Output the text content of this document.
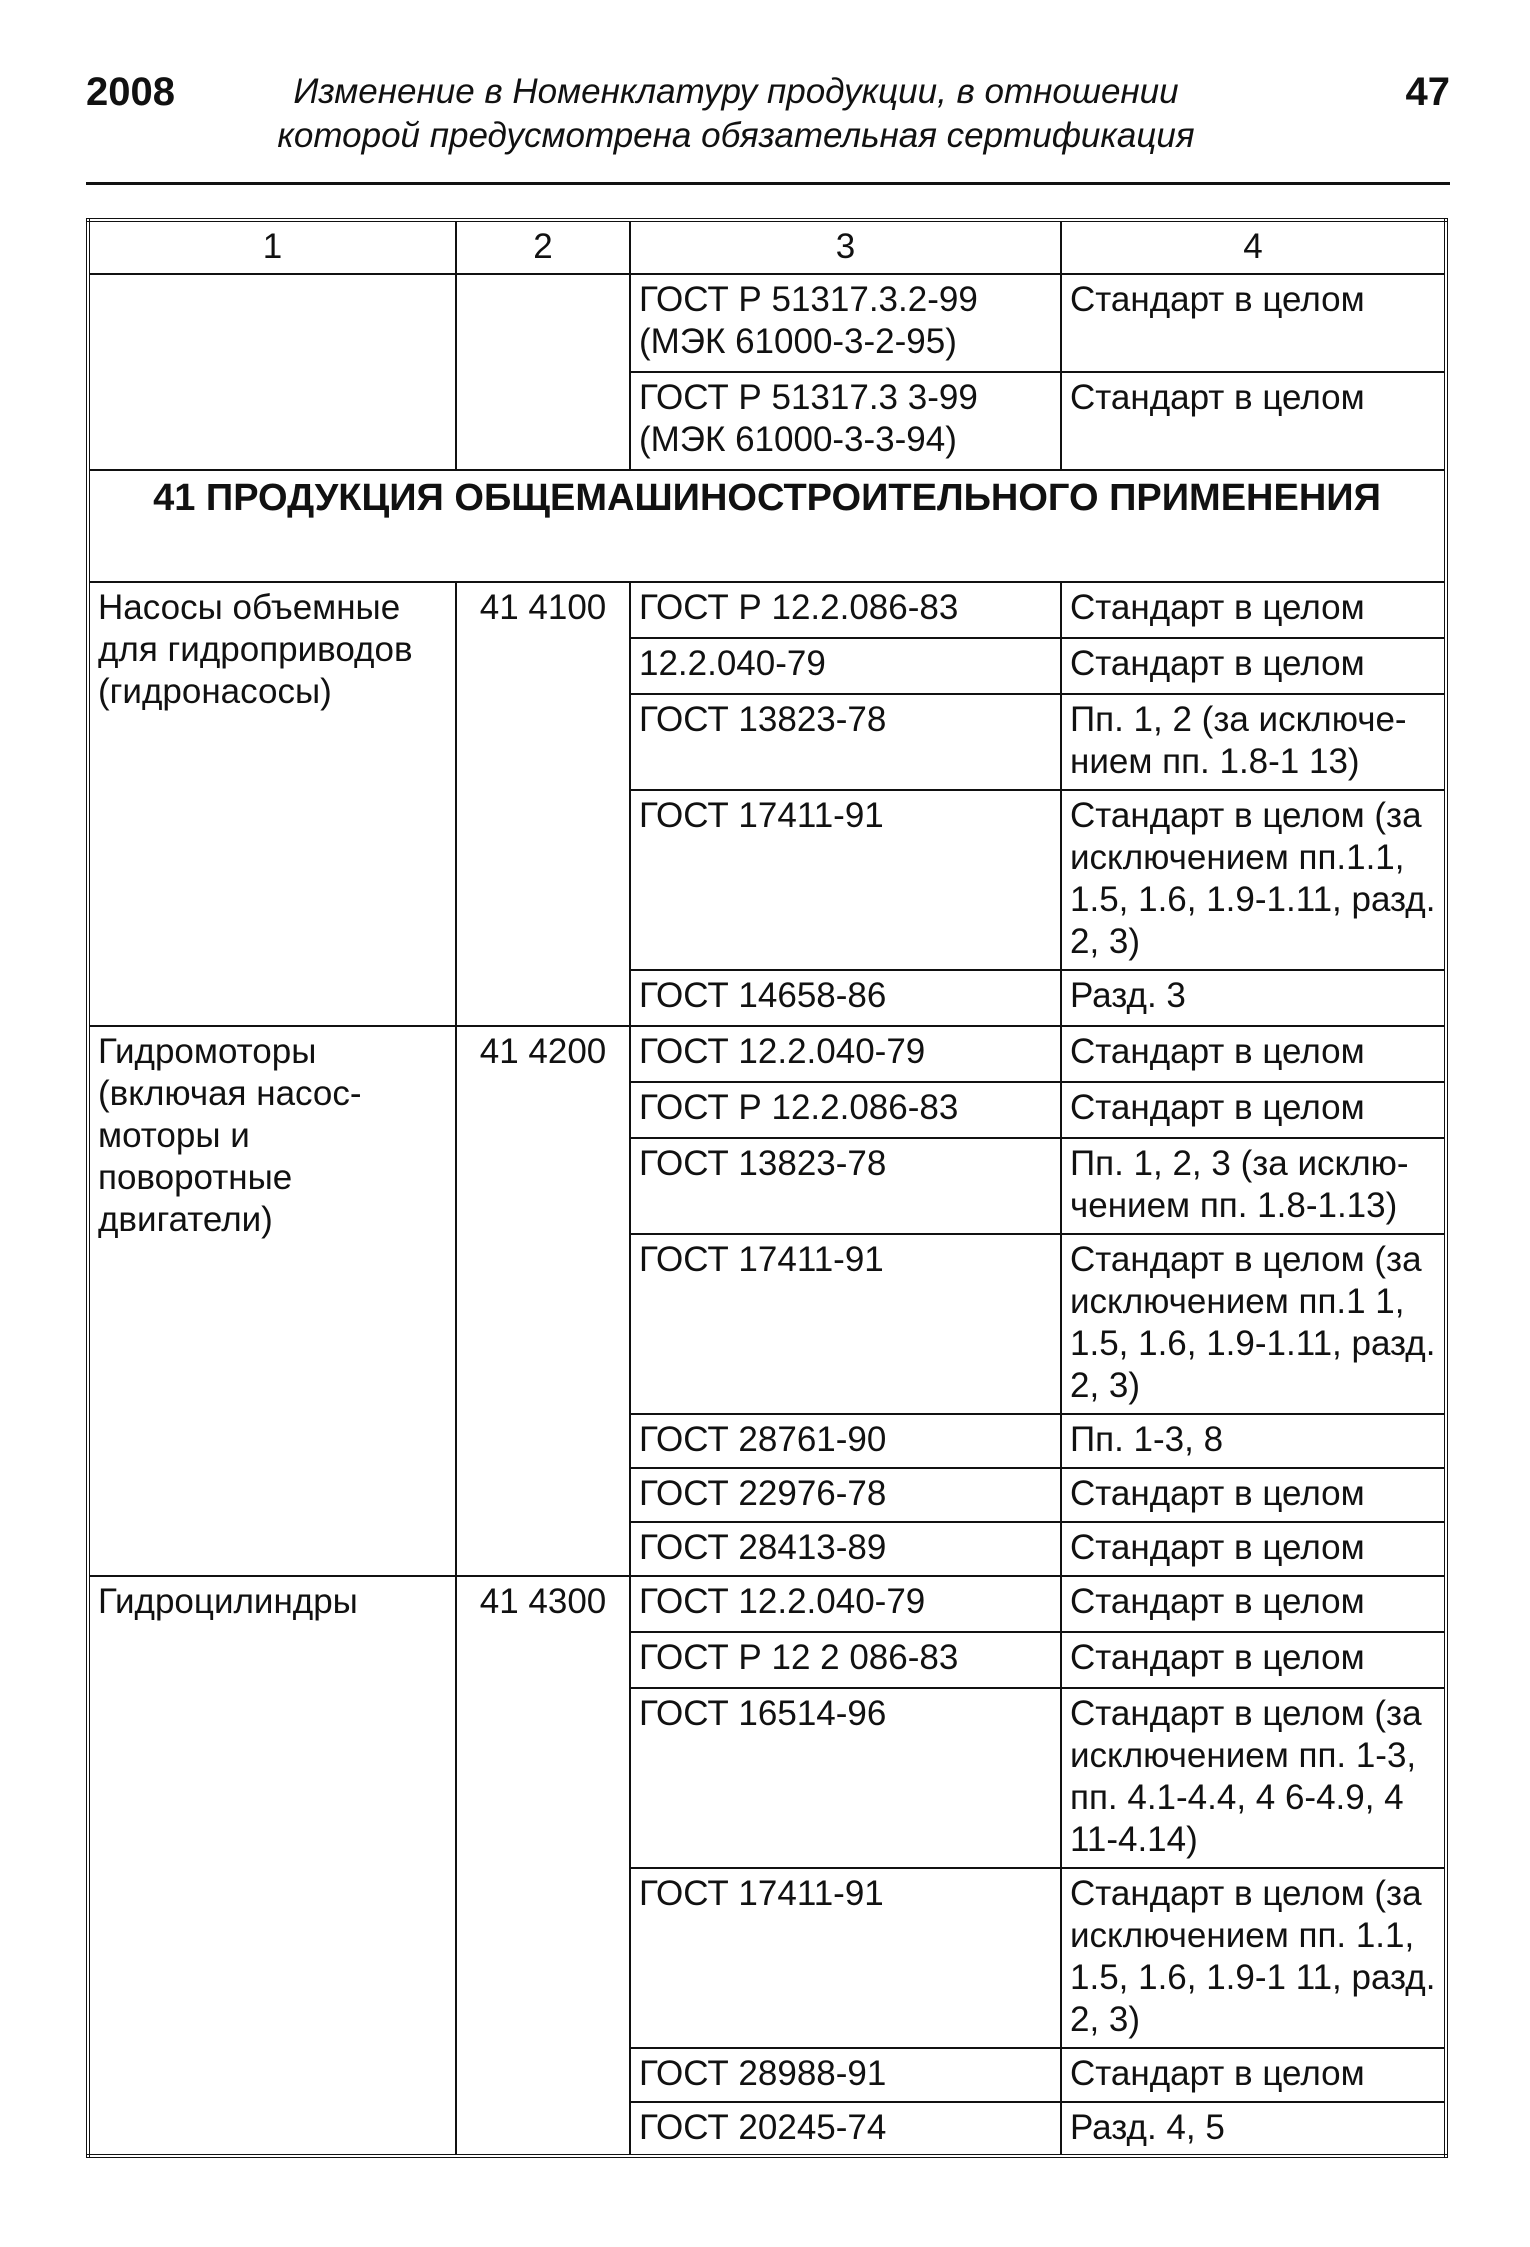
2008	Изменение в Номенклатуру продукции, в отношении
которой предусмотрена обязательная сертификация
47
1	2	3	4
		ГОСТ Р 51317.3.2-99 (МЭК 61000-3-2-95)	Стандарт в целом
		ГОСТ Р 51317.3 3-99 (МЭК 61000-3-3-94)	Стандарт в целом
41 ПРОДУКЦИЯ ОБЩЕМАШИНОСТРОИТЕЛЬНОГО ПРИМЕНЕНИЯ			
Насосы объемные для гидроприводов (гидронасосы)	41 4100	ГОСТ Р 12.2.086-83	Стандарт в целом
		12.2.040-79	Стандарт в целом
		ГОСТ 13823-78	Пп. 1, 2 (за исключе-нием пп. 1.8-1 13)
		ГОСТ 17411-91	Стандарт в целом (за исключением пп.1.1, 1.5, 1.6, 1.9-1.11, разд. 2, 3)
		ГОСТ 14658-86	Разд. 3
Гидромоторы (включая насос-моторы и поворотные двигатели)	41 4200	ГОСТ 12.2.040-79	Стандарт в целом
		ГОСТ Р 12.2.086-83	Стандарт в целом
		ГОСТ 13823-78	Пп. 1, 2, 3 (за исклю-чением пп. 1.8-1.13)
		ГОСТ 17411-91	Стандарт в целом (за исключением пп.1 1, 1.5, 1.6, 1.9-1.11, разд. 2, 3)
		ГОСТ 28761-90	Пп. 1-3, 8
		ГОСТ 22976-78	Стандарт в целом
		ГОСТ 28413-89	Стандарт в целом
Гидроцилиндры	41 4300	ГОСТ 12.2.040-79	Стандарт в целом
		ГОСТ Р 12 2 086-83	Стандарт в целом
		ГОСТ 16514-96	Стандарт в целом (за исключением пп. 1-3, пп. 4.1-4.4, 4 6-4.9, 4 11-4.14)
		ГОСТ 17411-91	Стандарт в целом (за исключением пп. 1.1, 1.5, 1.6, 1.9-1 11, разд. 2, 3)
		ГОСТ 28988-91	Стандарт в целом
		ГОСТ 20245-74	Разд. 4, 5
